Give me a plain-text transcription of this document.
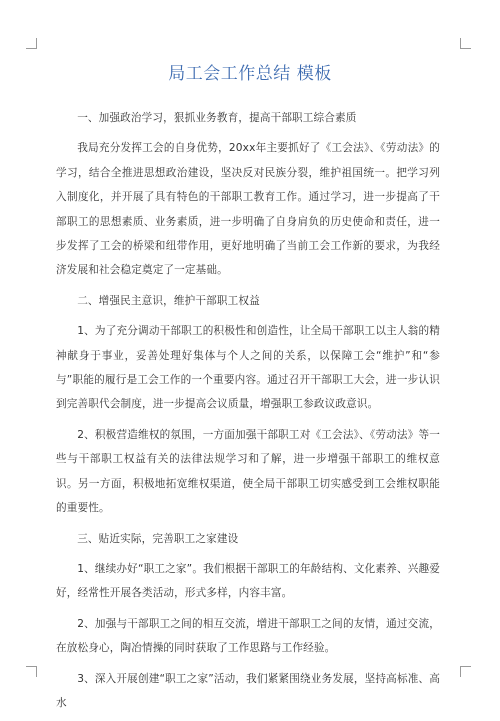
局工会工作总结 模板

一、加强政治学习，狠抓业务教育，提高干部职工综合素质

我局充分发挥工会的自身优势，20xx年主要抓好了《工会法》、《劳动法》的学习，结合全推进思想政治建设，坚决反对民族分裂，维护祖国统一。把学习列入制度化，并开展了具有特色的干部职工教育工作。通过学习，进一步提高了干部职工的思想素质、业务素质，进一步明确了自身肩负的历史使命和责任，进一步发挥了工会的桥梁和纽带作用，更好地明确了当前工会工作新的要求，为我经济发展和社会稳定奠定了一定基础。

二、增强民主意识，维护干部职工权益

1、为了充分调动干部职工的积极性和创造性，让全局干部职工以主人翁的精神献身于事业，妥善处理好集体与个人之间的关系，以保障工会“维护”和“参与”职能的履行是工会工作的一个重要内容。通过召开干部职工大会，进一步认识到完善职代会制度，进一步提高会议质量，增强职工参政议政意识。

2、积极营造维权的氛围，一方面加强干部职工对《工会法》、《劳动法》等一些与干部职工权益有关的法律法规学习和了解，进一步增强干部职工的维权意识。另一方面，积极地拓宽维权渠道，使全局干部职工切实感受到工会维权职能的重要性。

三、贴近实际，完善职工之家建设

1、继续办好“职工之家”。我们根据干部职工的年龄结构、文化素养、兴趣爱好，经常性开展各类活动，形式多样，内容丰富。

2、加强与干部职工之间的相互交流，增进干部职工之间的友情，通过交流，在放松身心，陶冶情操的同时获取了工作思路与工作经验。

3、深入开展创建“职工之家”活动，我们紧紧围绕业务发展，坚持高标准、高水
